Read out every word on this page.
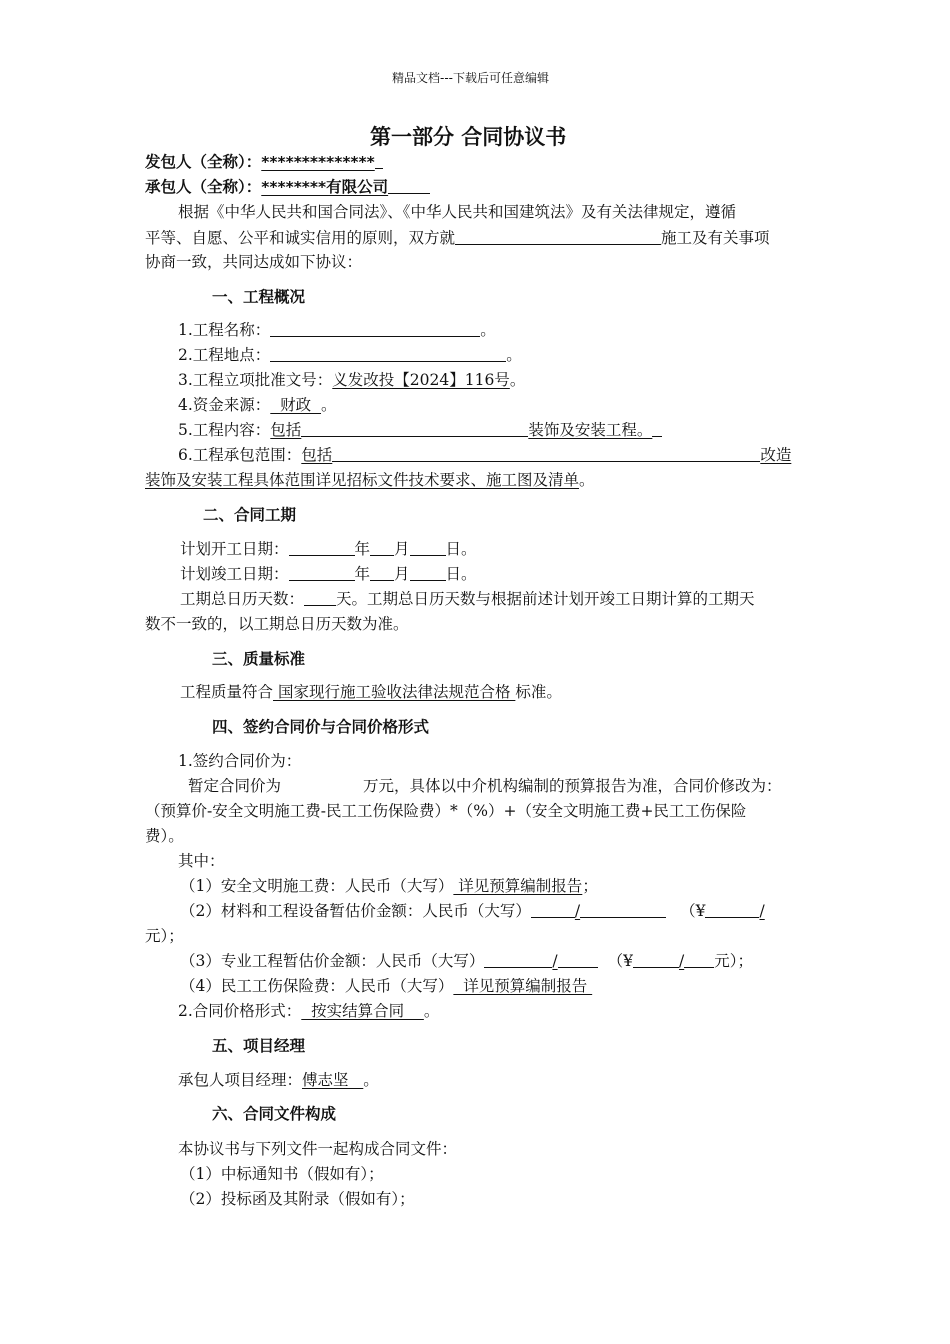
精品文档---下载后可任意编辑
第一部分 合同协议书
发包人（全称）：**************
承包人（全称）：********有限公司
根据《中华人民共和国合同法》、《中华人民共和国建筑法》及有关法律规定，遵循
平等、自愿、公平和诚实信用的原则，双方就	施工及有关事项
协商一致，共同达成如下协议：
一、工程概况
1.工程名称：	。
2.工程地点：	。
3.工程立项批准文号：义发改投【2024】116号。
4.资金来源：  财政  。
5.工程内容：包括	装饰及安装工程。
6.工程承包范围：包括	改造
装饰及安装工程具体范围详见招标文件技术要求、施工图及清单。
二、合同工期
计划开工日期：	年 月 日。
计划竣工日期：	年 月 日。
工期总日历天数： 天。工期总日历天数与根据前述计划开竣工日期计算的工期天
数不一致的，以工期总日历天数为准。
三、质量标准
工程质量符合 国家现行施工验收法律法规范合格 标准。
四、签约合同价与合同价格形式
1.签约合同价为：
暂定合同价为	万元，具体以中介机构编制的预算报告为准，合同价修改为：
（预算价-安全文明施工费-民工工伤保险费）*（%）+（安全文明施工费+民工工伤保险
费）。
其中：
（1）安全文明施工费：人民币（大写） 详见预算编制报告；
（2）材料和工程设备暂估价金额：人民币（大写）	/	（¥	/
元）；
（3）专业工程暂估价金额：人民币（大写）	/	（¥	/ 元）；
（4）民工工伤保险费：人民币（大写）  详见预算编制报告
2.合同价格形式：  按实结算合同    。
五、项目经理
承包人项目经理：傅志坚   。
六、合同文件构成
本协议书与下列文件一起构成合同文件：
（1）中标通知书（假如有）；
（2）投标函及其附录（假如有）；
